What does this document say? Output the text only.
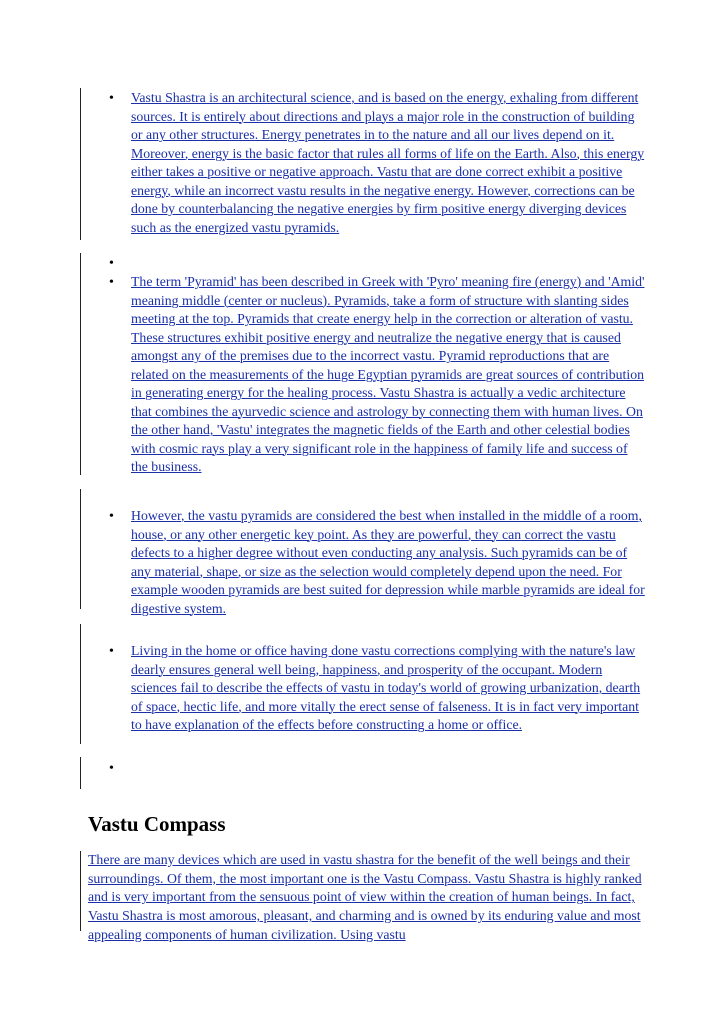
• Vastu Shastra is an architectural science, and is based on the energy, exhaling from different sources. It is entirely about directions and plays a major role in the construction of building or any other structures. Energy penetrates in to the nature and all our lives depend on it. Moreover, energy is the basic factor that rules all forms of life on the Earth. Also, this energy either takes a positive or negative approach. Vastu that are done correct exhibit a positive energy, while an incorrect vastu results in the negative energy. However, corrections can be done by counterbalancing the negative energies by firm positive energy diverging devices such as the energized vastu pyramids.
•
• The term 'Pyramid' has been described in Greek with 'Pyro' meaning fire (energy) and 'Amid' meaning middle (center or nucleus). Pyramids, take a form of structure with slanting sides meeting at the top. Pyramids that create energy help in the correction or alteration of vastu. These structures exhibit positive energy and neutralize the negative energy that is caused amongst any of the premises due to the incorrect vastu. Pyramid reproductions that are related on the measurements of the huge Egyptian pyramids are great sources of contribution in generating energy for the healing process. Vastu Shastra is actually a vedic architecture that combines the ayurvedic science and astrology by connecting them with human lives. On the other hand, 'Vastu' integrates the magnetic fields of the Earth and other celestial bodies with cosmic rays play a very significant role in the happiness of family life and success of the business.
• However, the vastu pyramids are considered the best when installed in the middle of a room, house, or any other energetic key point. As they are powerful, they can correct the vastu defects to a higher degree without even conducting any analysis. Such pyramids can be of any material, shape, or size as the selection would completely depend upon the need. For example wooden pyramids are best suited for depression while marble pyramids are ideal for digestive system.
• Living in the home or office having done vastu corrections complying with the nature's law dearly ensures general well being, happiness, and prosperity of the occupant. Modern sciences fail to describe the effects of vastu in today's world of growing urbanization, dearth of space, hectic life, and more vitally the erect sense of falseness. It is in fact very important to have explanation of the effects before constructing a home or office.
•
Vastu Compass

There are many devices which are used in vastu shastra for the benefit of the well beings and their surroundings. Of them, the most important one is the Vastu Compass. Vastu Shastra is highly ranked and is very important from the sensuous point of view within the creation of human beings. In fact, Vastu Shastra is most amorous, pleasant, and charming and is owned by its enduring value and most appealing components of human civilization. Using vastu
